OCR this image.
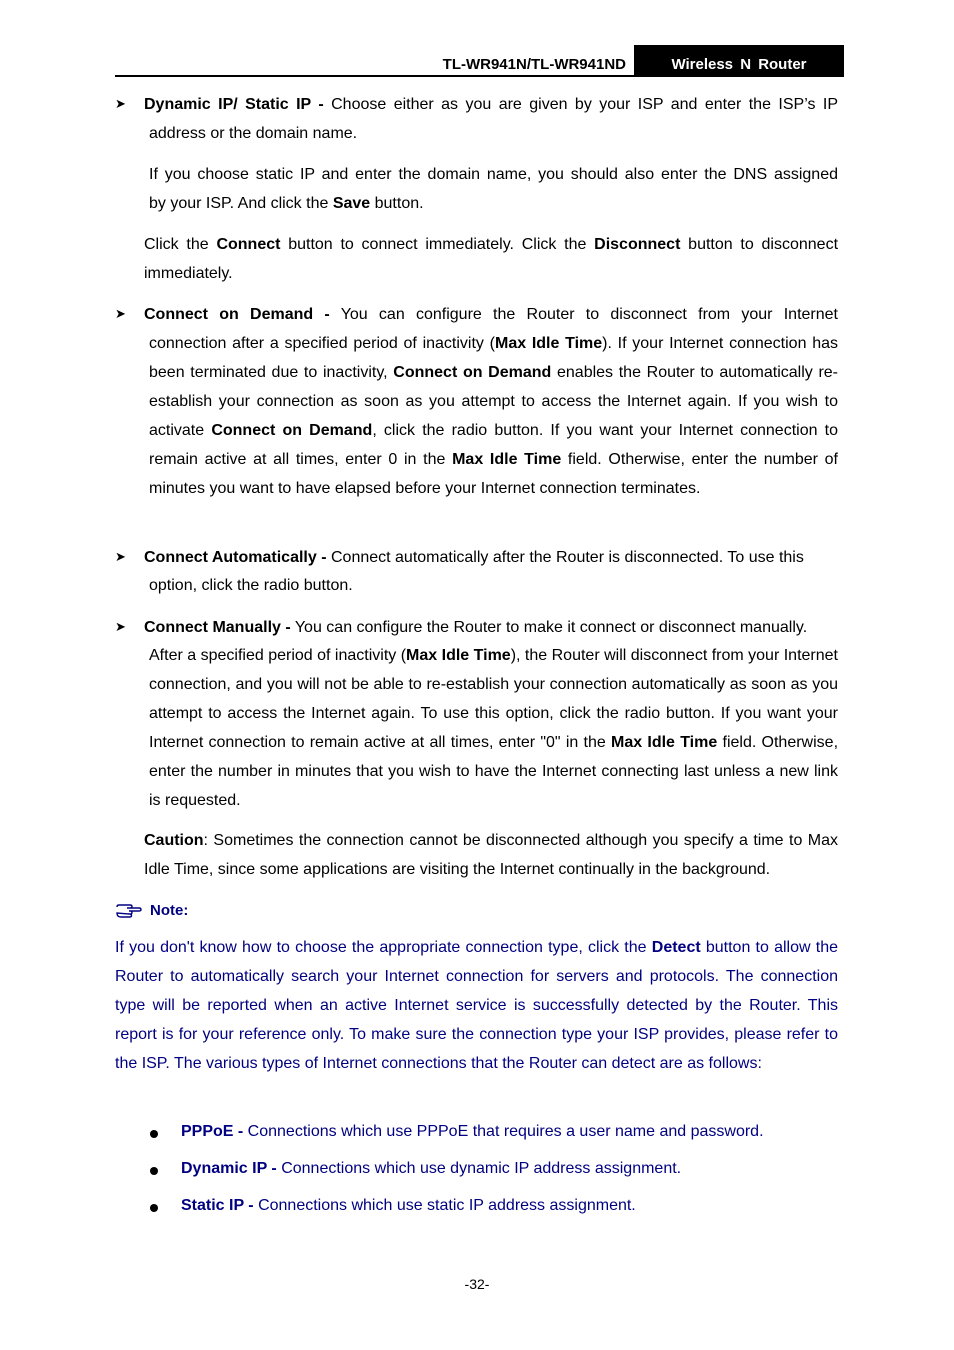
TL-WR941N/TL-WR941ND	Wireless N Router
➤ Dynamic IP/ Static IP - Choose either as you are given by your ISP and enter the ISP’s IP
address or the domain name.
If you choose static IP and enter the domain name, you should also enter the DNS assigned
by your ISP. And click the Save button.
Click the Connect button to connect immediately. Click the Disconnect button to disconnect immediately.
➤ Connect on Demand - You can configure the Router to disconnect from your Internet
connection after a specified period of inactivity (Max Idle Time). If your Internet connection has been terminated due to inactivity, Connect on Demand enables the Router to automatically re-establish your connection as soon as you attempt to access the Internet again. If you wish to activate Connect on Demand, click the radio button. If you want your Internet connection to remain active at all times, enter 0 in the Max Idle Time field. Otherwise, enter the number of minutes you want to have elapsed before your Internet connection terminates.
➤ Connect Automatically - Connect automatically after the Router is disconnected. To use this
option, click the radio button.
➤ Connect Manually - You can configure the Router to make it connect or disconnect manually.
After a specified period of inactivity (Max Idle Time), the Router will disconnect from your Internet connection, and you will not be able to re-establish your connection automatically as soon as you attempt to access the Internet again. To use this option, click the radio button. If you want your Internet connection to remain active at all times, enter "0" in the Max Idle Time field. Otherwise, enter the number in minutes that you wish to have the Internet connecting last unless a new link is requested.
Caution: Sometimes the connection cannot be disconnected although you specify a time to Max Idle Time, since some applications are visiting the Internet continually in the background.
Note:
If you don't know how to choose the appropriate connection type, click the Detect button to allow the Router to automatically search your Internet connection for servers and protocols. The connection type will be reported when an active Internet service is successfully detected by the Router. This report is for your reference only. To make sure the connection type your ISP provides, please refer to the ISP. The various types of Internet connections that the Router can detect are as follows:
PPPoE - Connections which use PPPoE that requires a user name and password.
Dynamic IP - Connections which use dynamic IP address assignment.
Static IP - Connections which use static IP address assignment.
-32-
